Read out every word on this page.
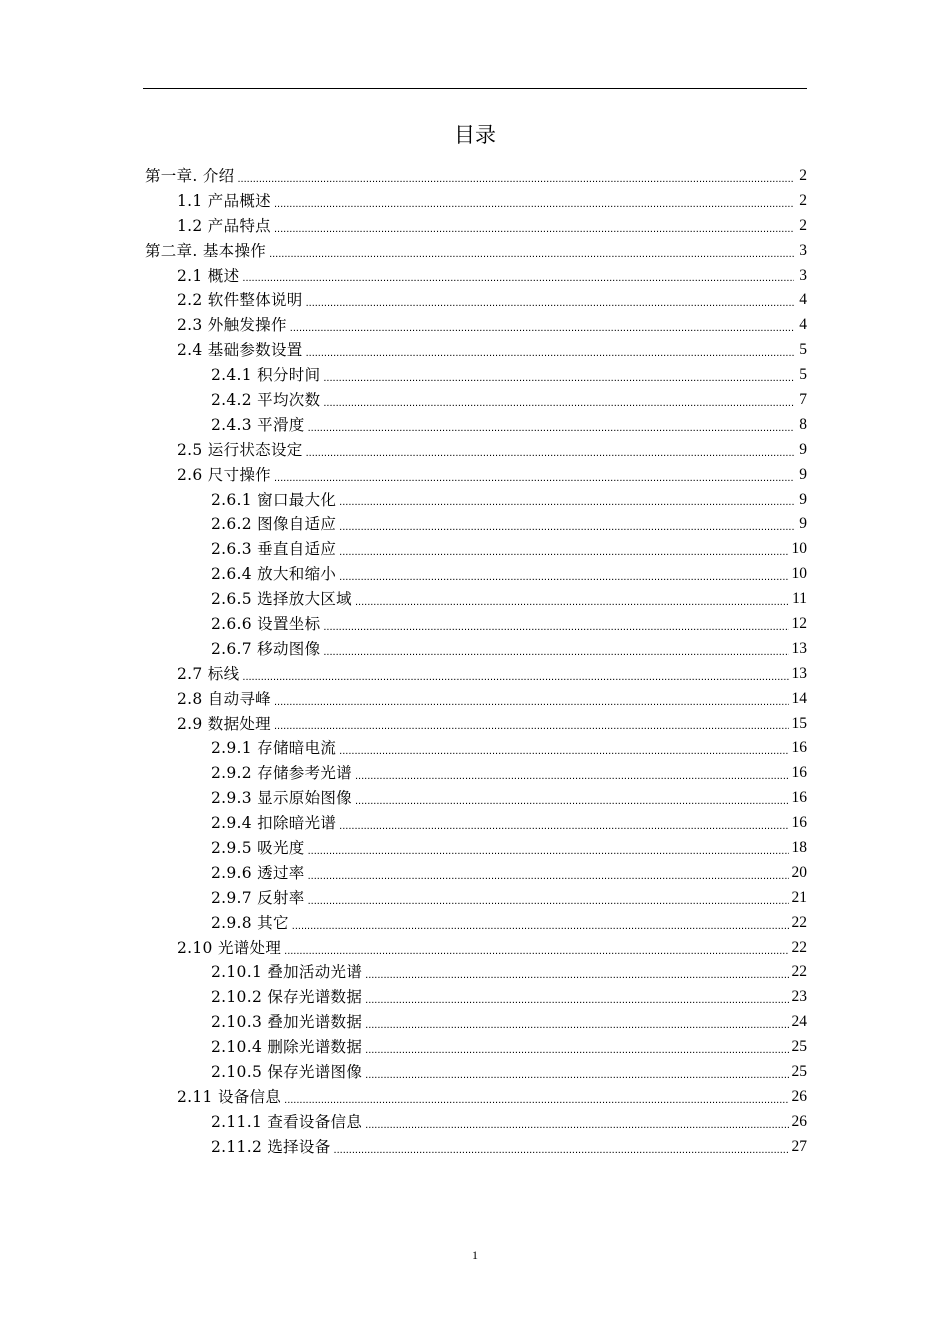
目录
第一章. 介绍 .....	2
1.1 产品概述 .....	2
1.2 产品特点 .....	2
第二章. 基本操作 .....	3
2.1 概述 .....	3
2.2 软件整体说明 .....	4
2.3 外触发操作 .....	4
2.4 基础参数设置 .....	5
2.4.1 积分时间 .....	5
2.4.2 平均次数 .....	7
2.4.3 平滑度 .....	8
2.5 运行状态设定 .....	9
2.6 尺寸操作 .....	9
2.6.1 窗口最大化 .....	9
2.6.2 图像自适应 .....	9
2.6.3 垂直自适应 .....	10
2.6.4 放大和缩小 .....	10
2.6.5 选择放大区域 .....	11
2.6.6 设置坐标 .....	12
2.6.7 移动图像 .....	13
2.7 标线 .....	13
2.8 自动寻峰 .....	14
2.9 数据处理 .....	15
2.9.1 存储暗电流 .....	16
2.9.2 存储参考光谱 .....	16
2.9.3 显示原始图像 .....	16
2.9.4 扣除暗光谱 .....	16
2.9.5 吸光度 .....	18
2.9.6 透过率 .....	20
2.9.7 反射率 .....	21
2.9.8 其它 .....	22
2.10 光谱处理 .....	22
2.10.1 叠加活动光谱 .....	22
2.10.2 保存光谱数据 .....	23
2.10.3 叠加光谱数据 .....	24
2.10.4 删除光谱数据 .....	25
2.10.5 保存光谱图像 .....	25
2.11 设备信息 .....	26
2.11.1 查看设备信息 .....	26
2.11.2 选择设备 .....	27
1
